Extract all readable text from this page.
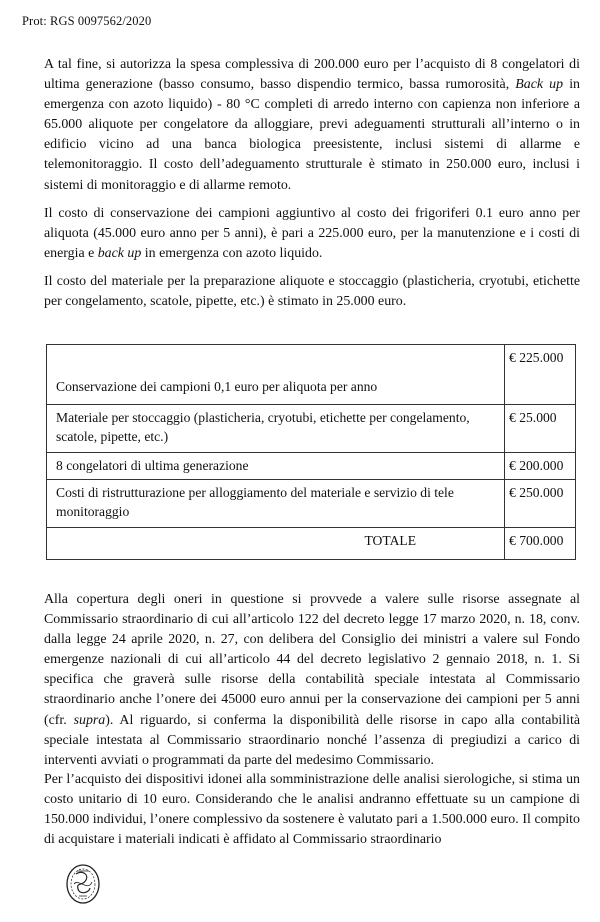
Prot: RGS 0097562/2020

A tal fine, si autorizza la spesa complessiva di 200.000 euro per l’acquisto di 8 congelatori di ultima generazione (basso consumo, basso dispendio termico, bassa rumorosità, Back up in emergenza con azoto liquido) - 80 °C completi di arredo interno con capienza non inferiore a 65.000 aliquote per congelatore da alloggiare, previ adeguamenti strutturali all’interno o in edificio vicino ad una banca biologica preesistente, inclusi sistemi di allarme e telemonitoraggio. Il costo dell’adeguamento strutturale è stimato in 250.000 euro, inclusi i sistemi di monitoraggio e di allarme remoto.

Il costo di conservazione dei campioni aggiuntivo al costo dei frigoriferi 0.1 euro anno per aliquota (45.000 euro anno per 5 anni), è pari a 225.000 euro, per la manutenzione e i costi di energia e back up in emergenza con azoto liquido.

Il costo del materiale per la preparazione aliquote e stoccaggio (plasticheria, cryotubi, etichette per congelamento, scatole, pipette, etc.) è stimato in 25.000 euro.

Conservazione dei campioni 0,1 euro per aliquota per anno	€ 225.000
Materiale per stoccaggio (plasticheria, cryotubi, etichette per congelamento, scatole, pipette, etc.)	€ 25.000
8 congelatori di ultima generazione	€ 200.000
Costi di ristrutturazione per alloggiamento del materiale e servizio di tele monitoraggio	€ 250.000
TOTALE	€ 700.000

Alla copertura degli oneri in questione si provvede a valere sulle risorse assegnate al Commissario straordinario di cui all’articolo 122 del decreto legge 17 marzo 2020, n. 18, conv. dalla legge 24 aprile 2020, n. 27, con delibera del Consiglio dei ministri a valere sul Fondo emergenze nazionali di cui all’articolo 44 del decreto legislativo 2 gennaio 2018, n. 1. Si specifica che graverà sulle risorse della contabilità speciale intestata al Commissario straordinario anche l’onere dei 45000 euro annui per la conservazione dei campioni per 5 anni (cfr. supra). Al riguardo, si conferma la disponibilità delle risorse in capo alla contabilità speciale intestata al Commissario straordinario nonché l’assenza di pregiudizi a carico di interventi avviati o programmati da parte del medesimo Commissario.

Per l’acquisto dei dispositivi idonei alla somministrazione delle analisi sierologiche, si stima un costo unitario di 10 euro. Considerando che le analisi andranno effettuate su un campione di 150.000 individui, l’onere complessivo da sostenere è valutato pari a 1.500.000 euro. Il compito di acquistare i materiali indicati è affidato al Commissario straordinario
